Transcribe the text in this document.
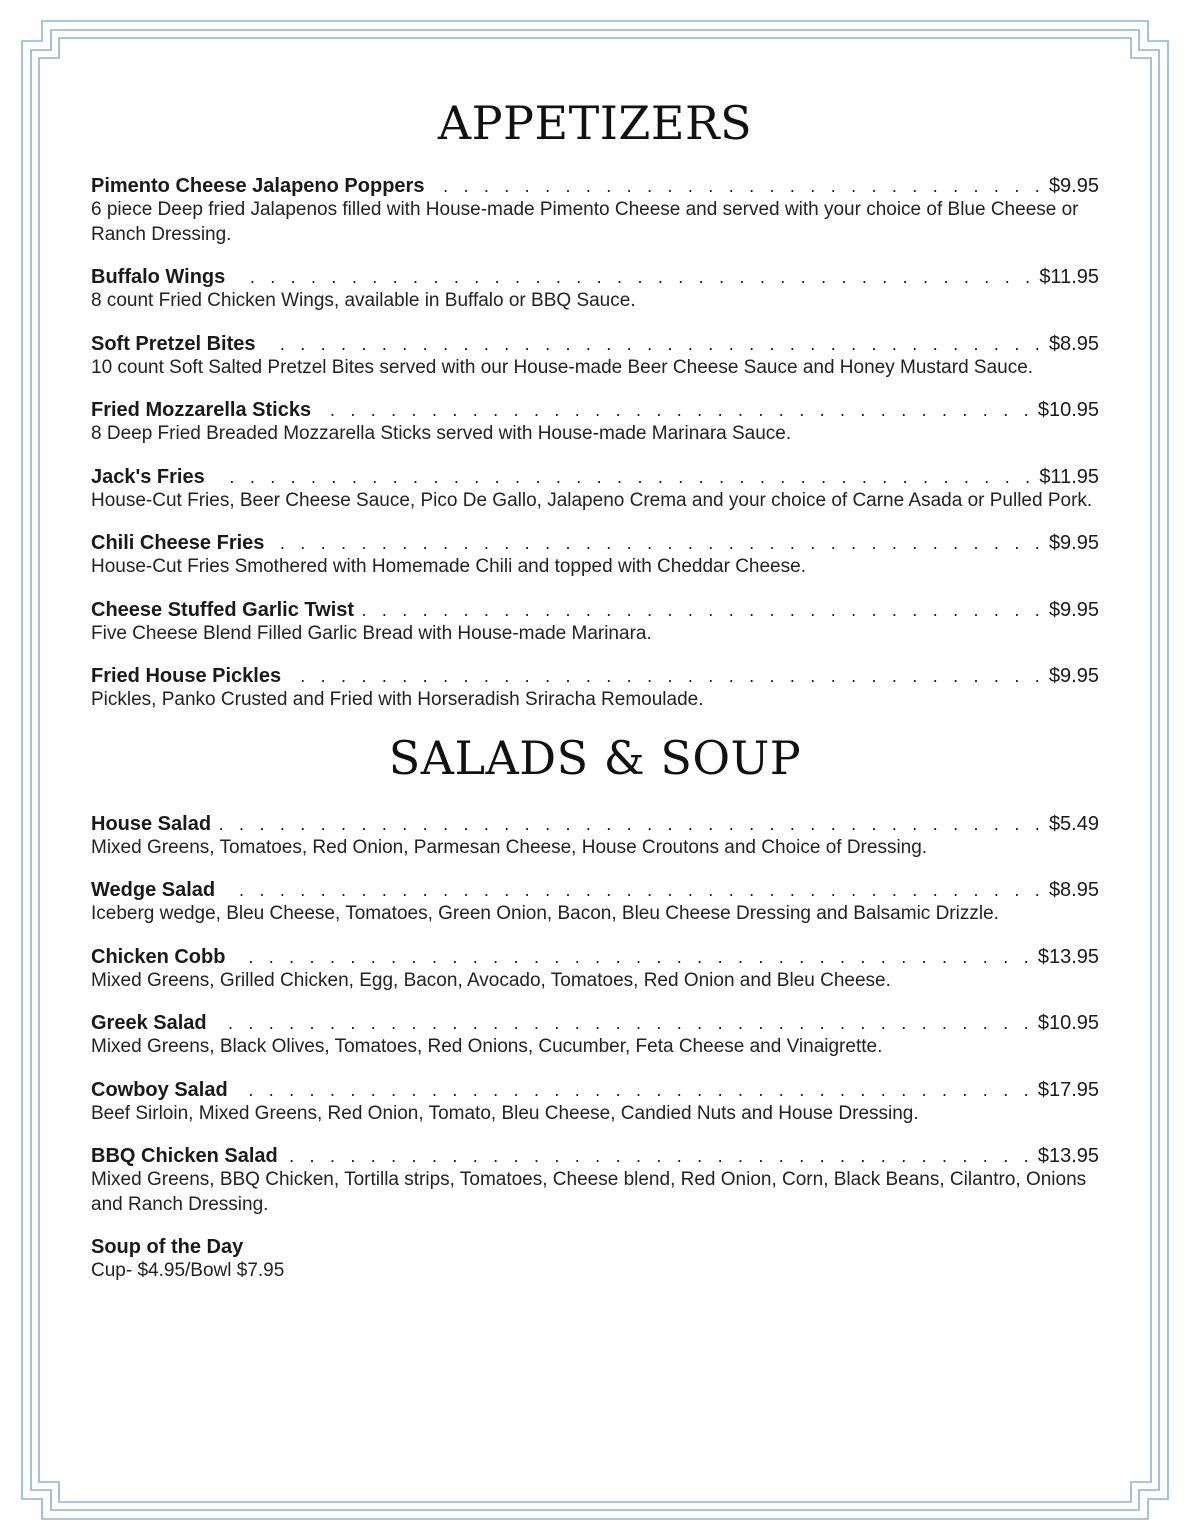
APPETIZERS
Pimento Cheese Jalapeno Poppers . . .	$9.95

6 piece Deep fried Jalapenos filled with House-made Pimento Cheese and served with your choice of Blue Cheese or Ranch Dressing.

Buffalo Wings . . .	$11.95

8 count Fried Chicken Wings, available in Buffalo or BBQ Sauce.

Soft Pretzel Bites . . .	$8.95

10 count Soft Salted Pretzel Bites served with our House-made Beer Cheese Sauce and Honey Mustard Sauce.

Fried Mozzarella Sticks . . .	$10.95

8 Deep Fried Breaded Mozzarella Sticks served with House-made Marinara Sauce.

Jack's Fries . . .	$11.95

House-Cut Fries, Beer Cheese Sauce, Pico De Gallo, Jalapeno Crema and your choice of Carne Asada or Pulled Pork.

Chili Cheese Fries . . .	$9.95

House-Cut Fries Smothered with Homemade Chili and topped with Cheddar Cheese.

Cheese Stuffed Garlic Twist . . .	$9.95

Five Cheese Blend Filled Garlic Bread with House-made Marinara.

Fried House Pickles . . .	$9.95

Pickles, Panko Crusted and Fried with Horseradish Sriracha Remoulade.

SALADS & SOUP
House Salad . . .	$5.49

Mixed Greens, Tomatoes, Red Onion, Parmesan Cheese, House Croutons and Choice of Dressing.

Wedge Salad . . .	$8.95

Iceberg wedge, Bleu Cheese, Tomatoes, Green Onion, Bacon, Bleu Cheese Dressing and Balsamic Drizzle.

Chicken Cobb . . .	$13.95

Mixed Greens, Grilled Chicken, Egg, Bacon, Avocado, Tomatoes, Red Onion and Bleu Cheese.

Greek Salad . . .	$10.95

Mixed Greens, Black Olives, Tomatoes, Red Onions, Cucumber, Feta Cheese and Vinaigrette.

Cowboy Salad . . .	$17.95

Beef Sirloin, Mixed Greens, Red Onion, Tomato, Bleu Cheese, Candied Nuts and House Dressing.

BBQ Chicken Salad . . .	$13.95

Mixed Greens, BBQ Chicken, Tortilla strips, Tomatoes, Cheese blend, Red Onion, Corn, Black Beans, Cilantro, Onions and Ranch Dressing.

Soup of the Day

Cup- $4.95/Bowl $7.95
